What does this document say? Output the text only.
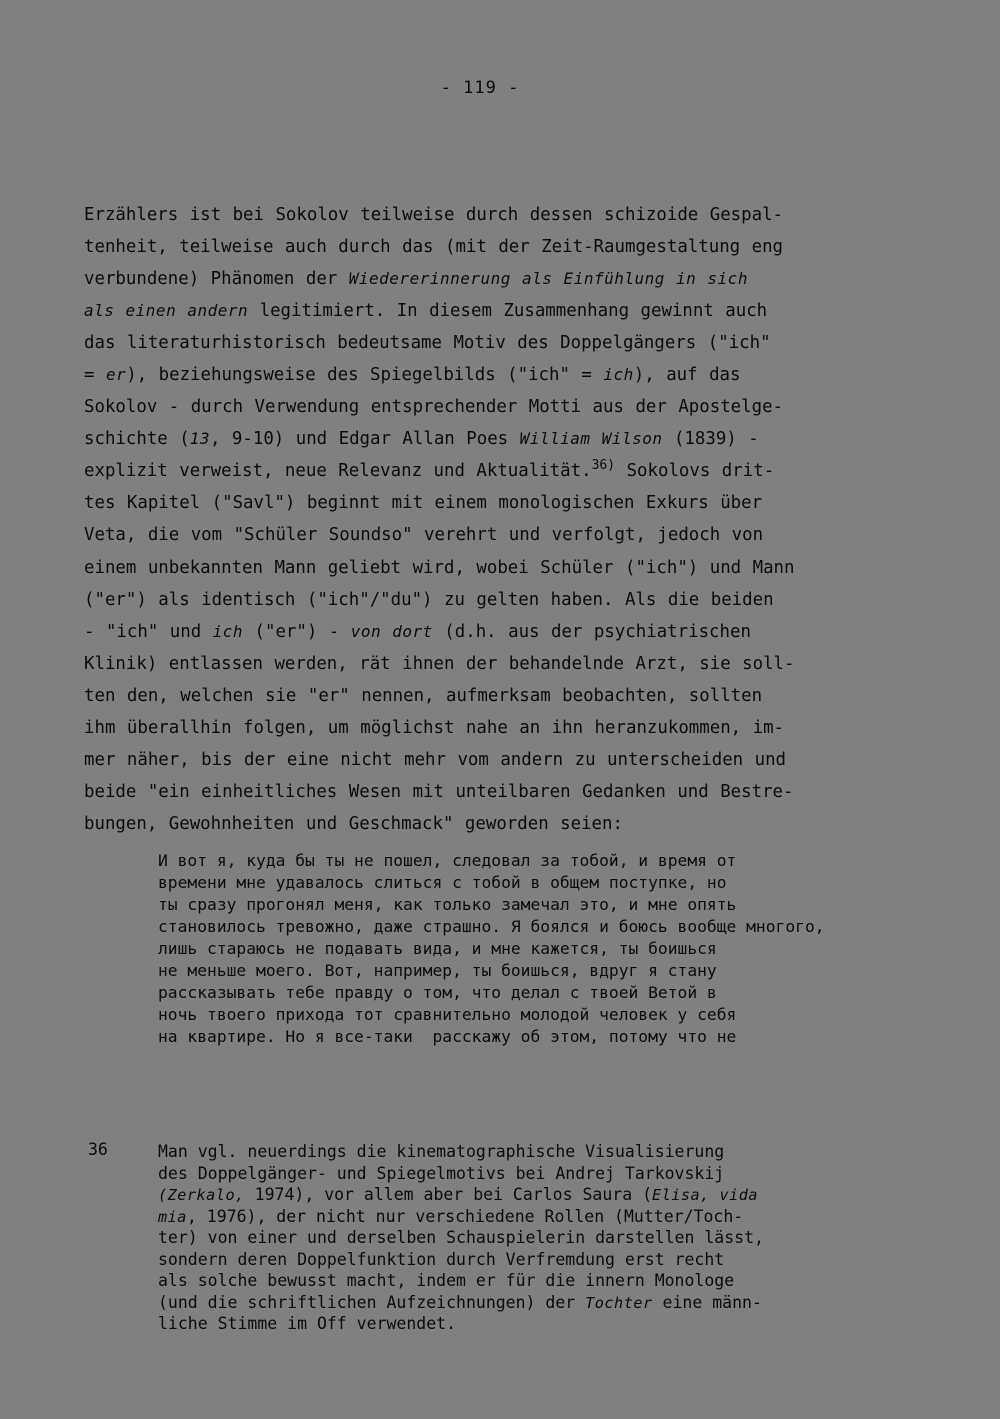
- 119 -
Erzählers ist bei Sokolov teilweise durch dessen schizoide Gespal-
tenheit, teilweise auch durch das (mit der Zeit-Raumgestaltung eng
verbundene) Phänomen der Wiedererinnerung als Einfühlung in sich
als einen andern legitimiert. In diesem Zusammenhang gewinnt auch
das literaturhistorisch bedeutsame Motiv des Doppelgängers ("ich"
= er), beziehungsweise des Spiegelbilds ("ich" = ich), auf das
Sokolov - durch Verwendung entsprechender Motti aus der Apostelge-
schichte (13, 9-10) und Edgar Allan Poes William Wilson (1839) -
explizit verweist, neue Relevanz und Aktualität.$^{36)}$ Sokolovs drit-
tes Kapitel ("Savl") beginnt mit einem monologischen Exkurs über
Veta, die vom "Schüler Soundso" verehrt und verfolgt, jedoch von
einem unbekannten Mann geliebt wird, wobei Schüler ("ich") und Mann
("er") als identisch ("ich"/"du") zu gelten haben. Als die beiden
- "ich" und ich ("er") - von dort (d.h. aus der psychiatrischen
Klinik) entlassen werden, rät ihnen der behandelnde Arzt, sie soll-
ten den, welchen sie "er" nennen, aufmerksam beobachten, sollten
ihm überallhin folgen, um möglichst nahe an ihn heranzukommen, im-
mer näher, bis der eine nicht mehr vom andern zu unterscheiden und
beide "ein einheitliches Wesen mit unteilbaren Gedanken und Bestre-
bungen, Gewohnheiten und Geschmack" geworden seien:
И вот я, куда бы ты не пошел, следовал за тобой, и время от
времени мне удавалось слиться с тобой в общем поступке, но
ты сразу прогонял меня, как только замечал это, и мне опять
становилось тревожно, даже страшно. Я боялся и боюсь вообще многого,
лишь стараюсь не подавать вида, и мне кажется, ты боишься
не меньше моего. Вот, например, ты боишься, вдруг я стану
рассказывать тебе правду о том, что делал с твоей Ветой в
ночь твоего прихода тот сравнительно молодой человек у себя
на квартире. Но я все-таки  расскажу об этом, потому что не
36	Man vgl. neuerdings die kinematographische Visualisierung
des Doppelgänger- und Spiegelmotivs bei Andrej Tarkovskij
(Zerkalo, 1974), vor allem aber bei Carlos Saura (Elisa, vida
mia, 1976), der nicht nur verschiedene Rollen (Mutter/Toch-
ter) von einer und derselben Schauspielerin darstellen lässt,
sondern deren Doppelfunktion durch Verfremdung erst recht
als solche bewusst macht, indem er für die innern Monologe
(und die schriftlichen Aufzeichnungen) der Tochter eine männ-
liche Stimme im Off verwendet.
